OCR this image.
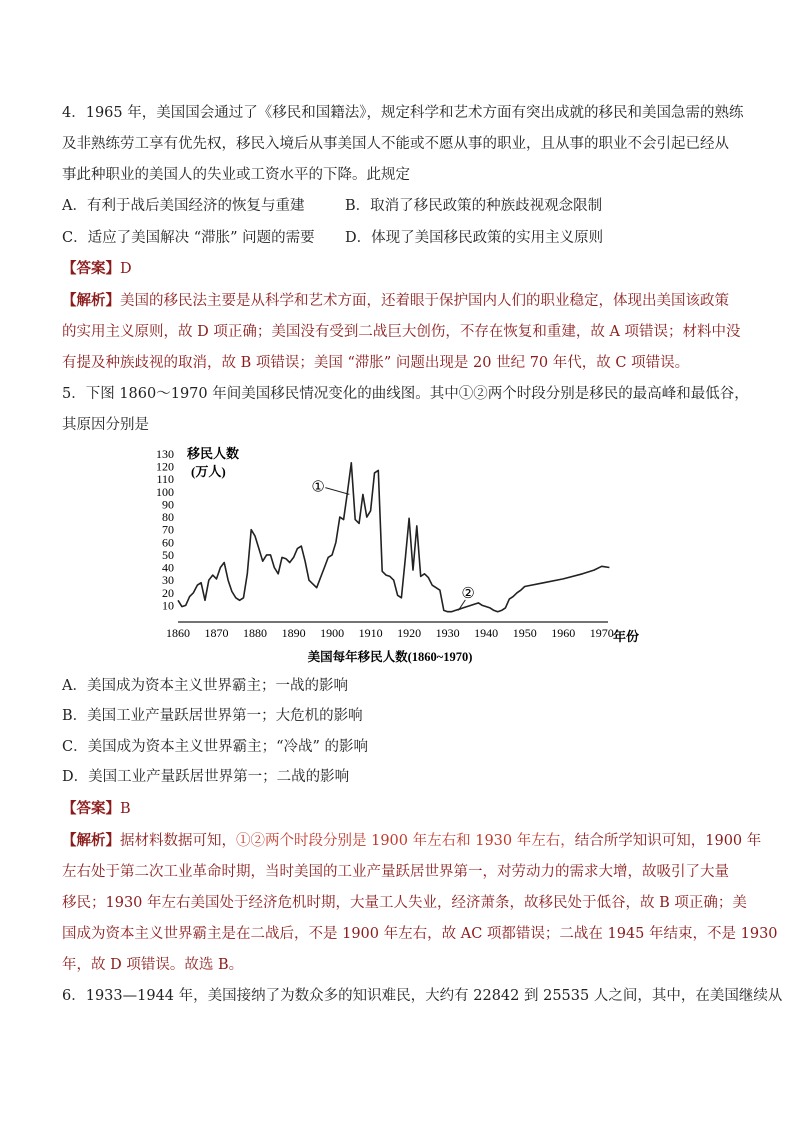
4．1965 年，美国国会通过了《移民和国籍法》，规定科学和艺术方面有突出成就的移民和美国急需的熟练
及非熟练劳工享有优先权，移民入境后从事美国人不能或不愿从事的职业，且从事的职业不会引起已经从
事此种职业的美国人的失业或工资水平的下降。此规定
A．有利于战后美国经济的恢复与重建	B．取消了移民政策的种族歧视观念限制
C．适应了美国解决 “滞胀” 问题的需要 D．体现了美国移民政策的实用主义原则
【答案】D
【解析】美国的移民法主要是从科学和艺术方面，还着眼于保护国内人们的职业稳定，体现出美国该政策
的实用主义原则，故 D 项正确；美国没有受到二战巨大创伤，不存在恢复和重建，故 A 项错误；材料中没
有提及种族歧视的取消，故 B 项错误；美国 “滞胀” 问题出现是 20 世纪 70 年代，故 C 项错误。
5．下图 1860～1970 年间美国移民情况变化的曲线图。其中①②两个时段分别是移民的最高峰和最低谷，
其原因分别是
10
20
30
40
50
60
70
80
90
100
110
120
130
1860 1870 1880 1890 1900 1910 1920 1930 1940 1950 1960 1970
移民人数
(万人)
年份
①
②
美国每年移民人数(1860~1970)
A．美国成为资本主义世界霸主；一战的影响
B．美国工业产量跃居世界第一；大危机的影响
C．美国成为资本主义世界霸主；“冷战” 的影响
D．美国工业产量跃居世界第一；二战的影响
【答案】B
【解析】据材料数据可知，①②两个时段分别是 1900 年左右和 1930 年左右，结合所学知识可知，1900 年
左右处于第二次工业革命时期，当时美国的工业产量跃居世界第一，对劳动力的需求大增，故吸引了大量
移民；1930 年左右美国处于经济危机时期，大量工人失业，经济萧条，故移民处于低谷，故 B 项正确；美
国成为资本主义世界霸主是在二战后，不是 1900 年左右，故 AC 项都错误；二战在 1945 年结束，不是 1930
年，故 D 项错误。故选 B。
6．1933—1944 年，美国接纳了为数众多的知识难民，大约有 22842 到 25535 人之间，其中，在美国继续从
